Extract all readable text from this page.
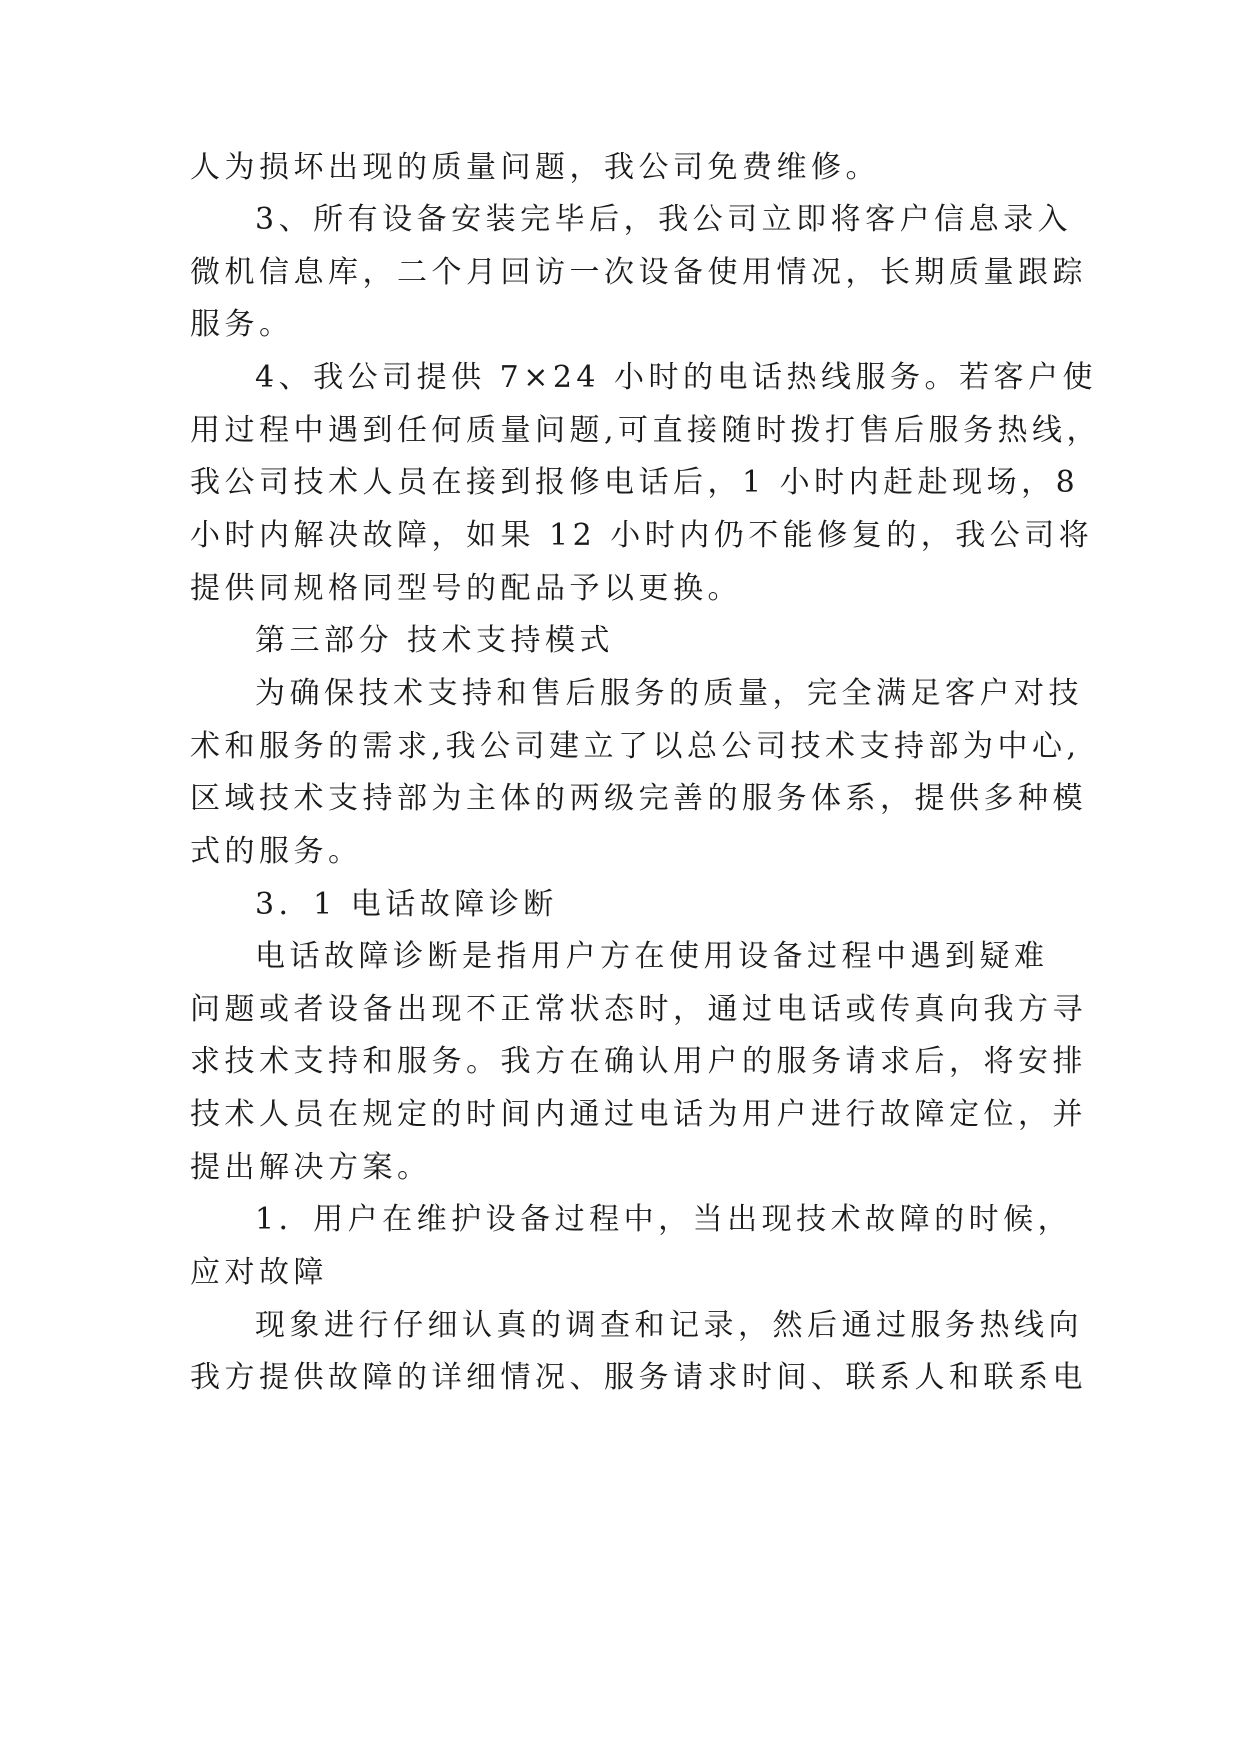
人为损坏出现的质量问题，我公司免费维修。
3、所有设备安装完毕后，我公司立即将客户信息录入
微机信息库，二个月回访一次设备使用情况，长期质量跟踪
服务。
4、我公司提供 7×24 小时的电话热线服务。若客户使
用过程中遇到任何质量问题,可直接随时拨打售后服务热线，
我公司技术人员在接到报修电话后，1 小时内赶赴现场，8
小时内解决故障，如果 12 小时内仍不能修复的，我公司将
提供同规格同型号的配品予以更换。
第三部分 技术支持模式
为确保技术支持和售后服务的质量，完全满足客户对技
术和服务的需求,我公司建立了以总公司技术支持部为中心,
区域技术支持部为主体的两级完善的服务体系，提供多种模
式的服务。
3．1 电话故障诊断
电话故障诊断是指用户方在使用设备过程中遇到疑难
问题或者设备出现不正常状态时，通过电话或传真向我方寻
求技术支持和服务。我方在确认用户的服务请求后，将安排
技术人员在规定的时间内通过电话为用户进行故障定位，并
提出解决方案。
1．用户在维护设备过程中，当出现技术故障的时候，
应对故障
现象进行仔细认真的调查和记录，然后通过服务热线向
我方提供故障的详细情况、服务请求时间、联系人和联系电
